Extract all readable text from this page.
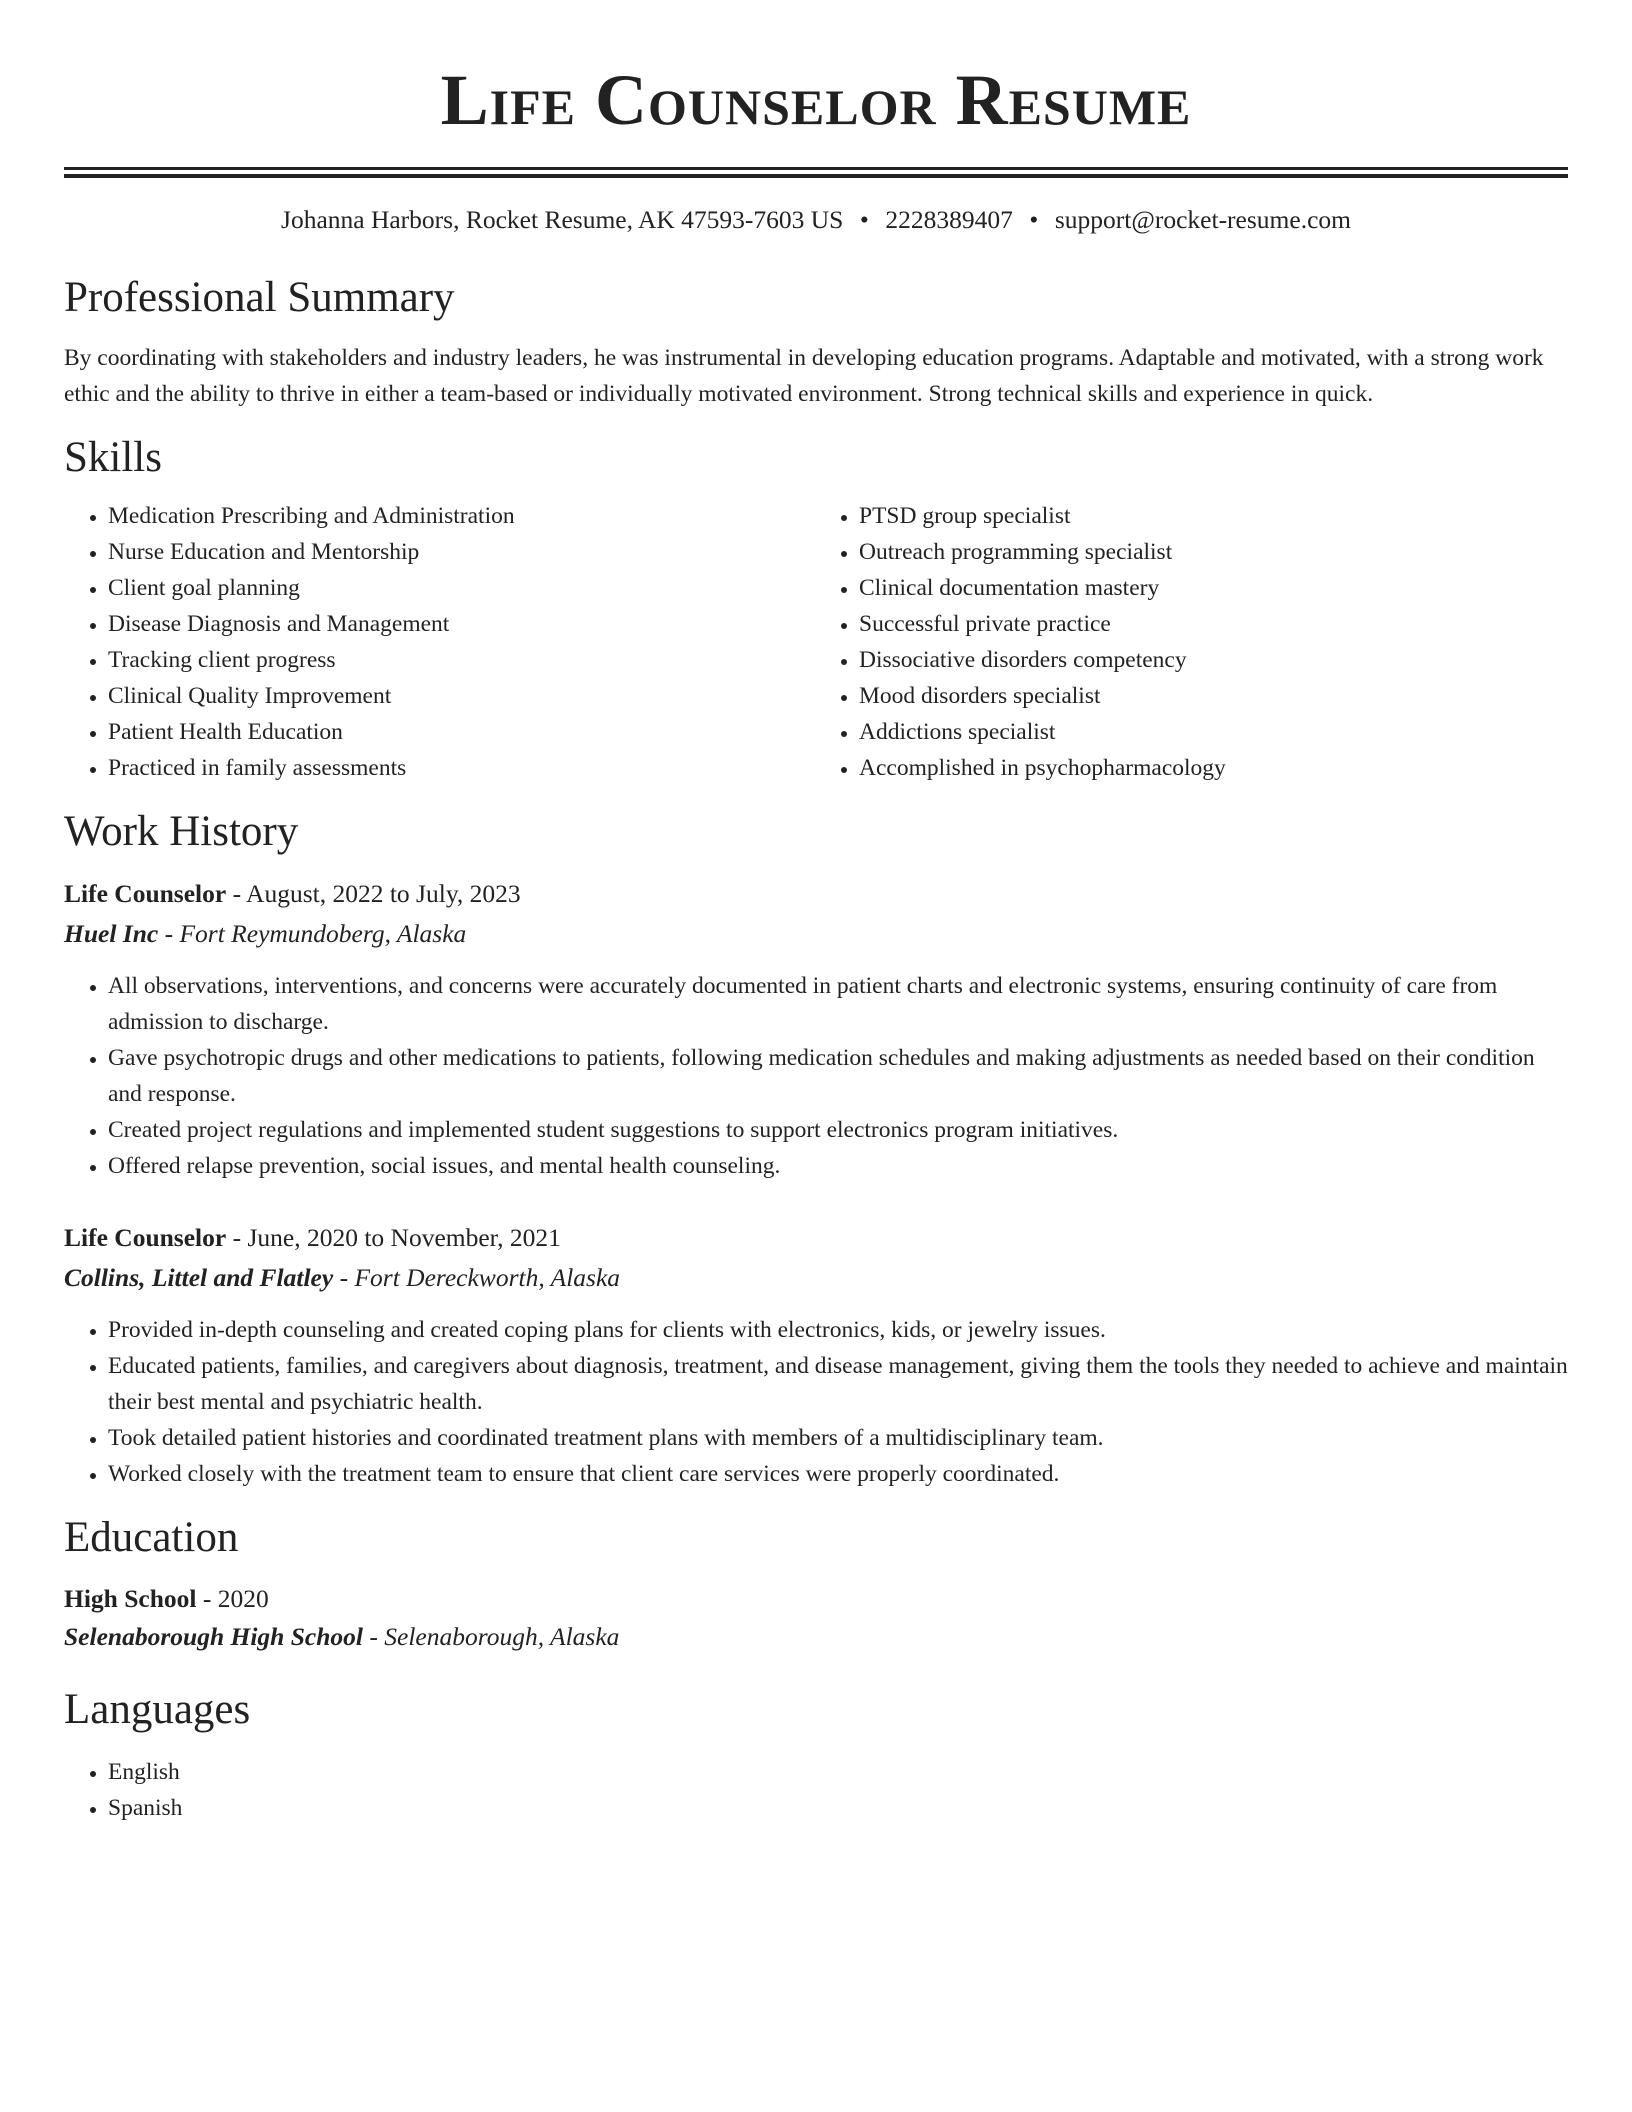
Life Counselor Resume
Johanna Harbors, Rocket Resume, AK 47593-7603 US • 2228389407 • support@rocket-resume.com
Professional Summary

By coordinating with stakeholders and industry leaders, he was instrumental in developing education programs. Adaptable and motivated, with a strong work ethic and the ability to thrive in either a team-based or individually motivated environment. Strong technical skills and experience in quick.

Skills
• Medication Prescribing and Administration
• Nurse Education and Mentorship
• Client goal planning
• Disease Diagnosis and Management
• Tracking client progress
• Clinical Quality Improvement
• Patient Health Education
• Practiced in family assessments
• PTSD group specialist
• Outreach programming specialist
• Clinical documentation mastery
• Successful private practice
• Dissociative disorders competency
• Mood disorders specialist
• Addictions specialist
• Accomplished in psychopharmacology
Work History
Life Counselor - August, 2022 to July, 2023
Huel Inc - Fort Reymundoberg, Alaska
• All observations, interventions, and concerns were accurately documented in patient charts and electronic systems, ensuring continuity of care from admission to discharge.
• Gave psychotropic drugs and other medications to patients, following medication schedules and making adjustments as needed based on their condition and response.
• Created project regulations and implemented student suggestions to support electronics program initiatives.
• Offered relapse prevention, social issues, and mental health counseling.
Life Counselor - June, 2020 to November, 2021
Collins, Littel and Flatley - Fort Dereckworth, Alaska
• Provided in-depth counseling and created coping plans for clients with electronics, kids, or jewelry issues.
• Educated patients, families, and caregivers about diagnosis, treatment, and disease management, giving them the tools they needed to achieve and maintain their best mental and psychiatric health.
• Took detailed patient histories and coordinated treatment plans with members of a multidisciplinary team.
• Worked closely with the treatment team to ensure that client care services were properly coordinated.
Education
High School - 2020
Selenaborough High School - Selenaborough, Alaska
Languages
• English
• Spanish
